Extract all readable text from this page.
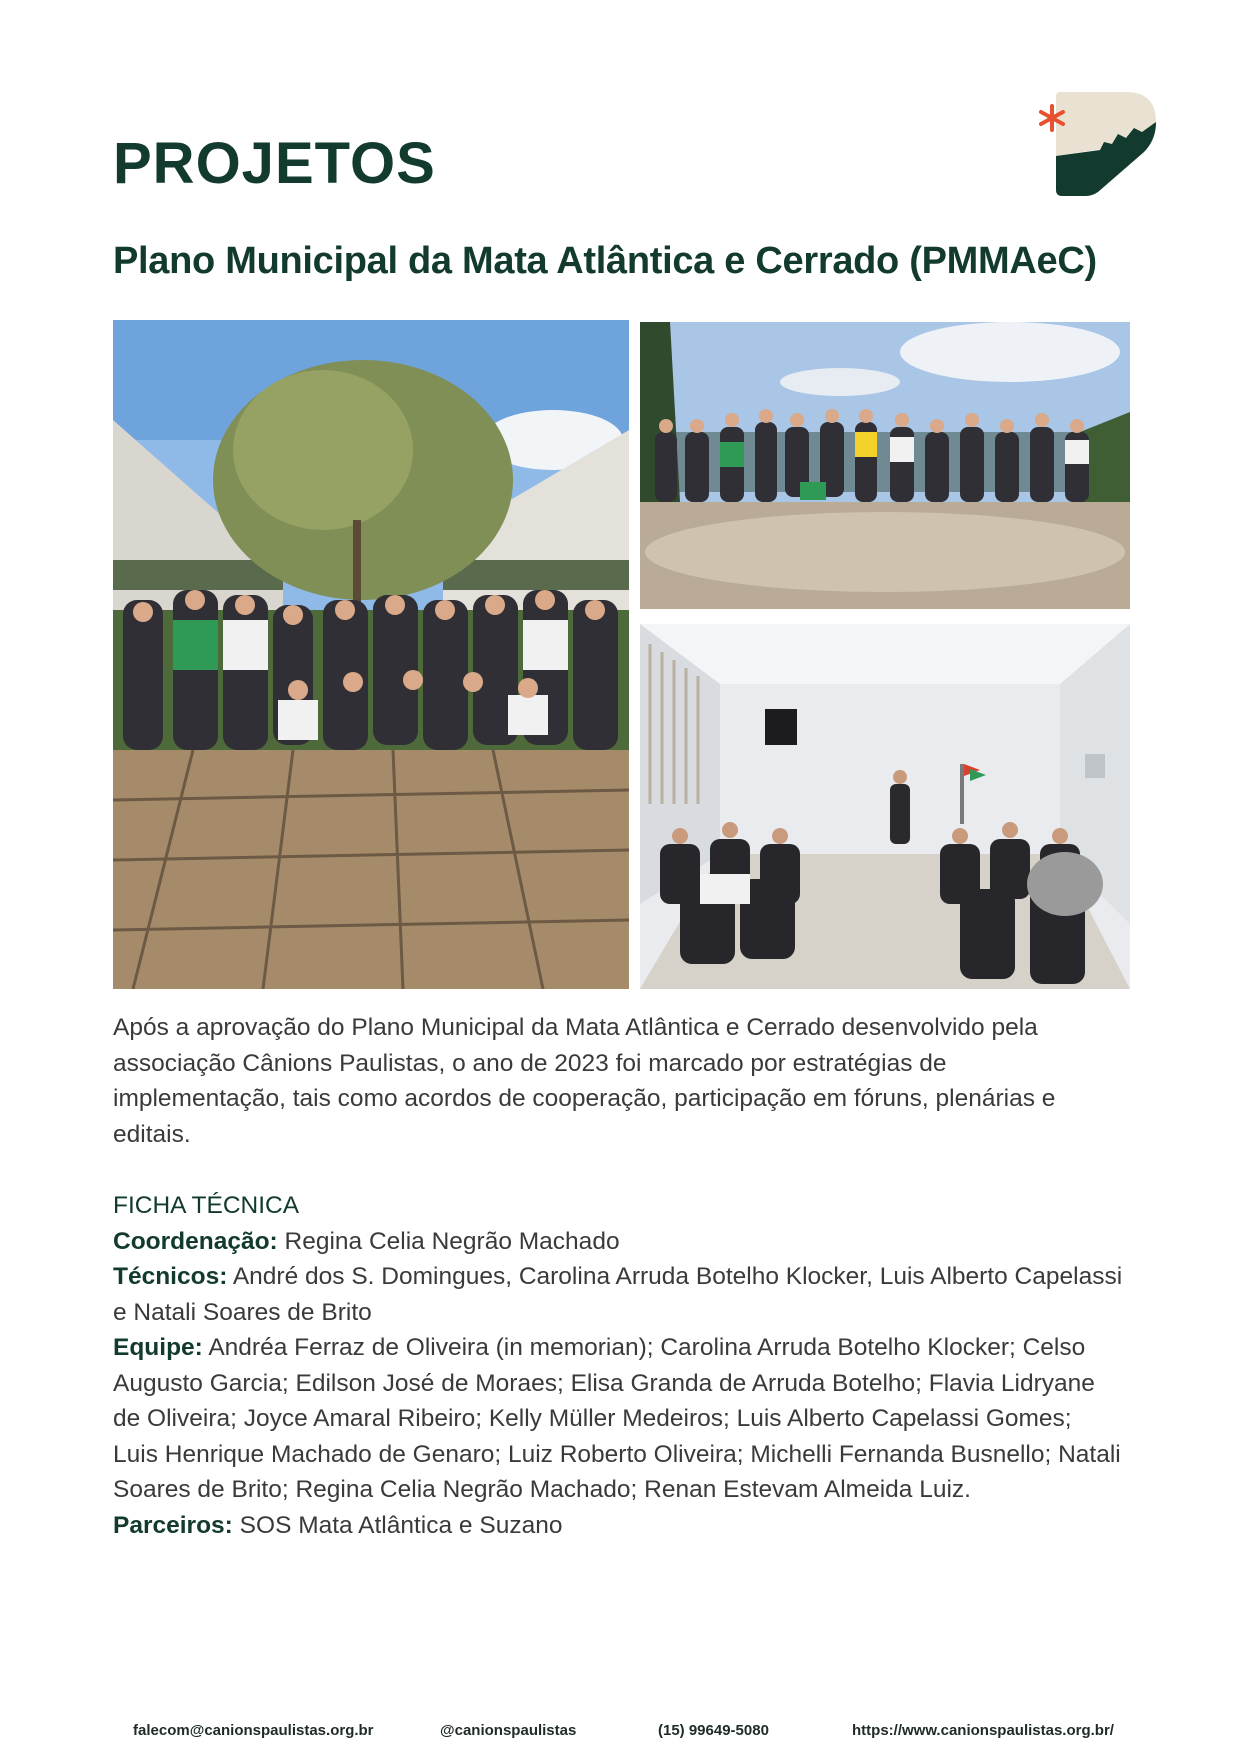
PROJETOS
Plano Municipal da Mata Atlântica e Cerrado (PMMAeC)

Após a aprovação do Plano Municipal da Mata Atlântica e Cerrado desenvolvido pela associação Cânions Paulistas, o ano de 2023 foi marcado por estratégias de implementação, tais como acordos de cooperação, participação em fóruns, plenárias e editais.

FICHA TÉCNICA

Coordenação: Regina Celia Negrão Machado

Técnicos: André dos S. Domingues, Carolina Arruda Botelho Klocker, Luis Alberto Capelassi e Natali Soares de Brito

Equipe: Andréa Ferraz de Oliveira (in memorian); Carolina Arruda Botelho Klocker; Celso Augusto Garcia; Edilson José de Moraes; Elisa Granda de Arruda Botelho; Flavia Lidryane de Oliveira; Joyce Amaral Ribeiro; Kelly Müller Medeiros; Luis Alberto Capelassi Gomes; Luis Henrique Machado de Genaro; Luiz Roberto Oliveira; Michelli Fernanda Busnello; Natali Soares de Brito; Regina Celia Negrão Machado; Renan Estevam Almeida Luiz.

Parceiros: SOS Mata Atlântica e Suzano

falecom@canionspaulistas.org.br	@canionspaulistas	(15) 99649-5080	https://www.canionspaulistas.org.br/
